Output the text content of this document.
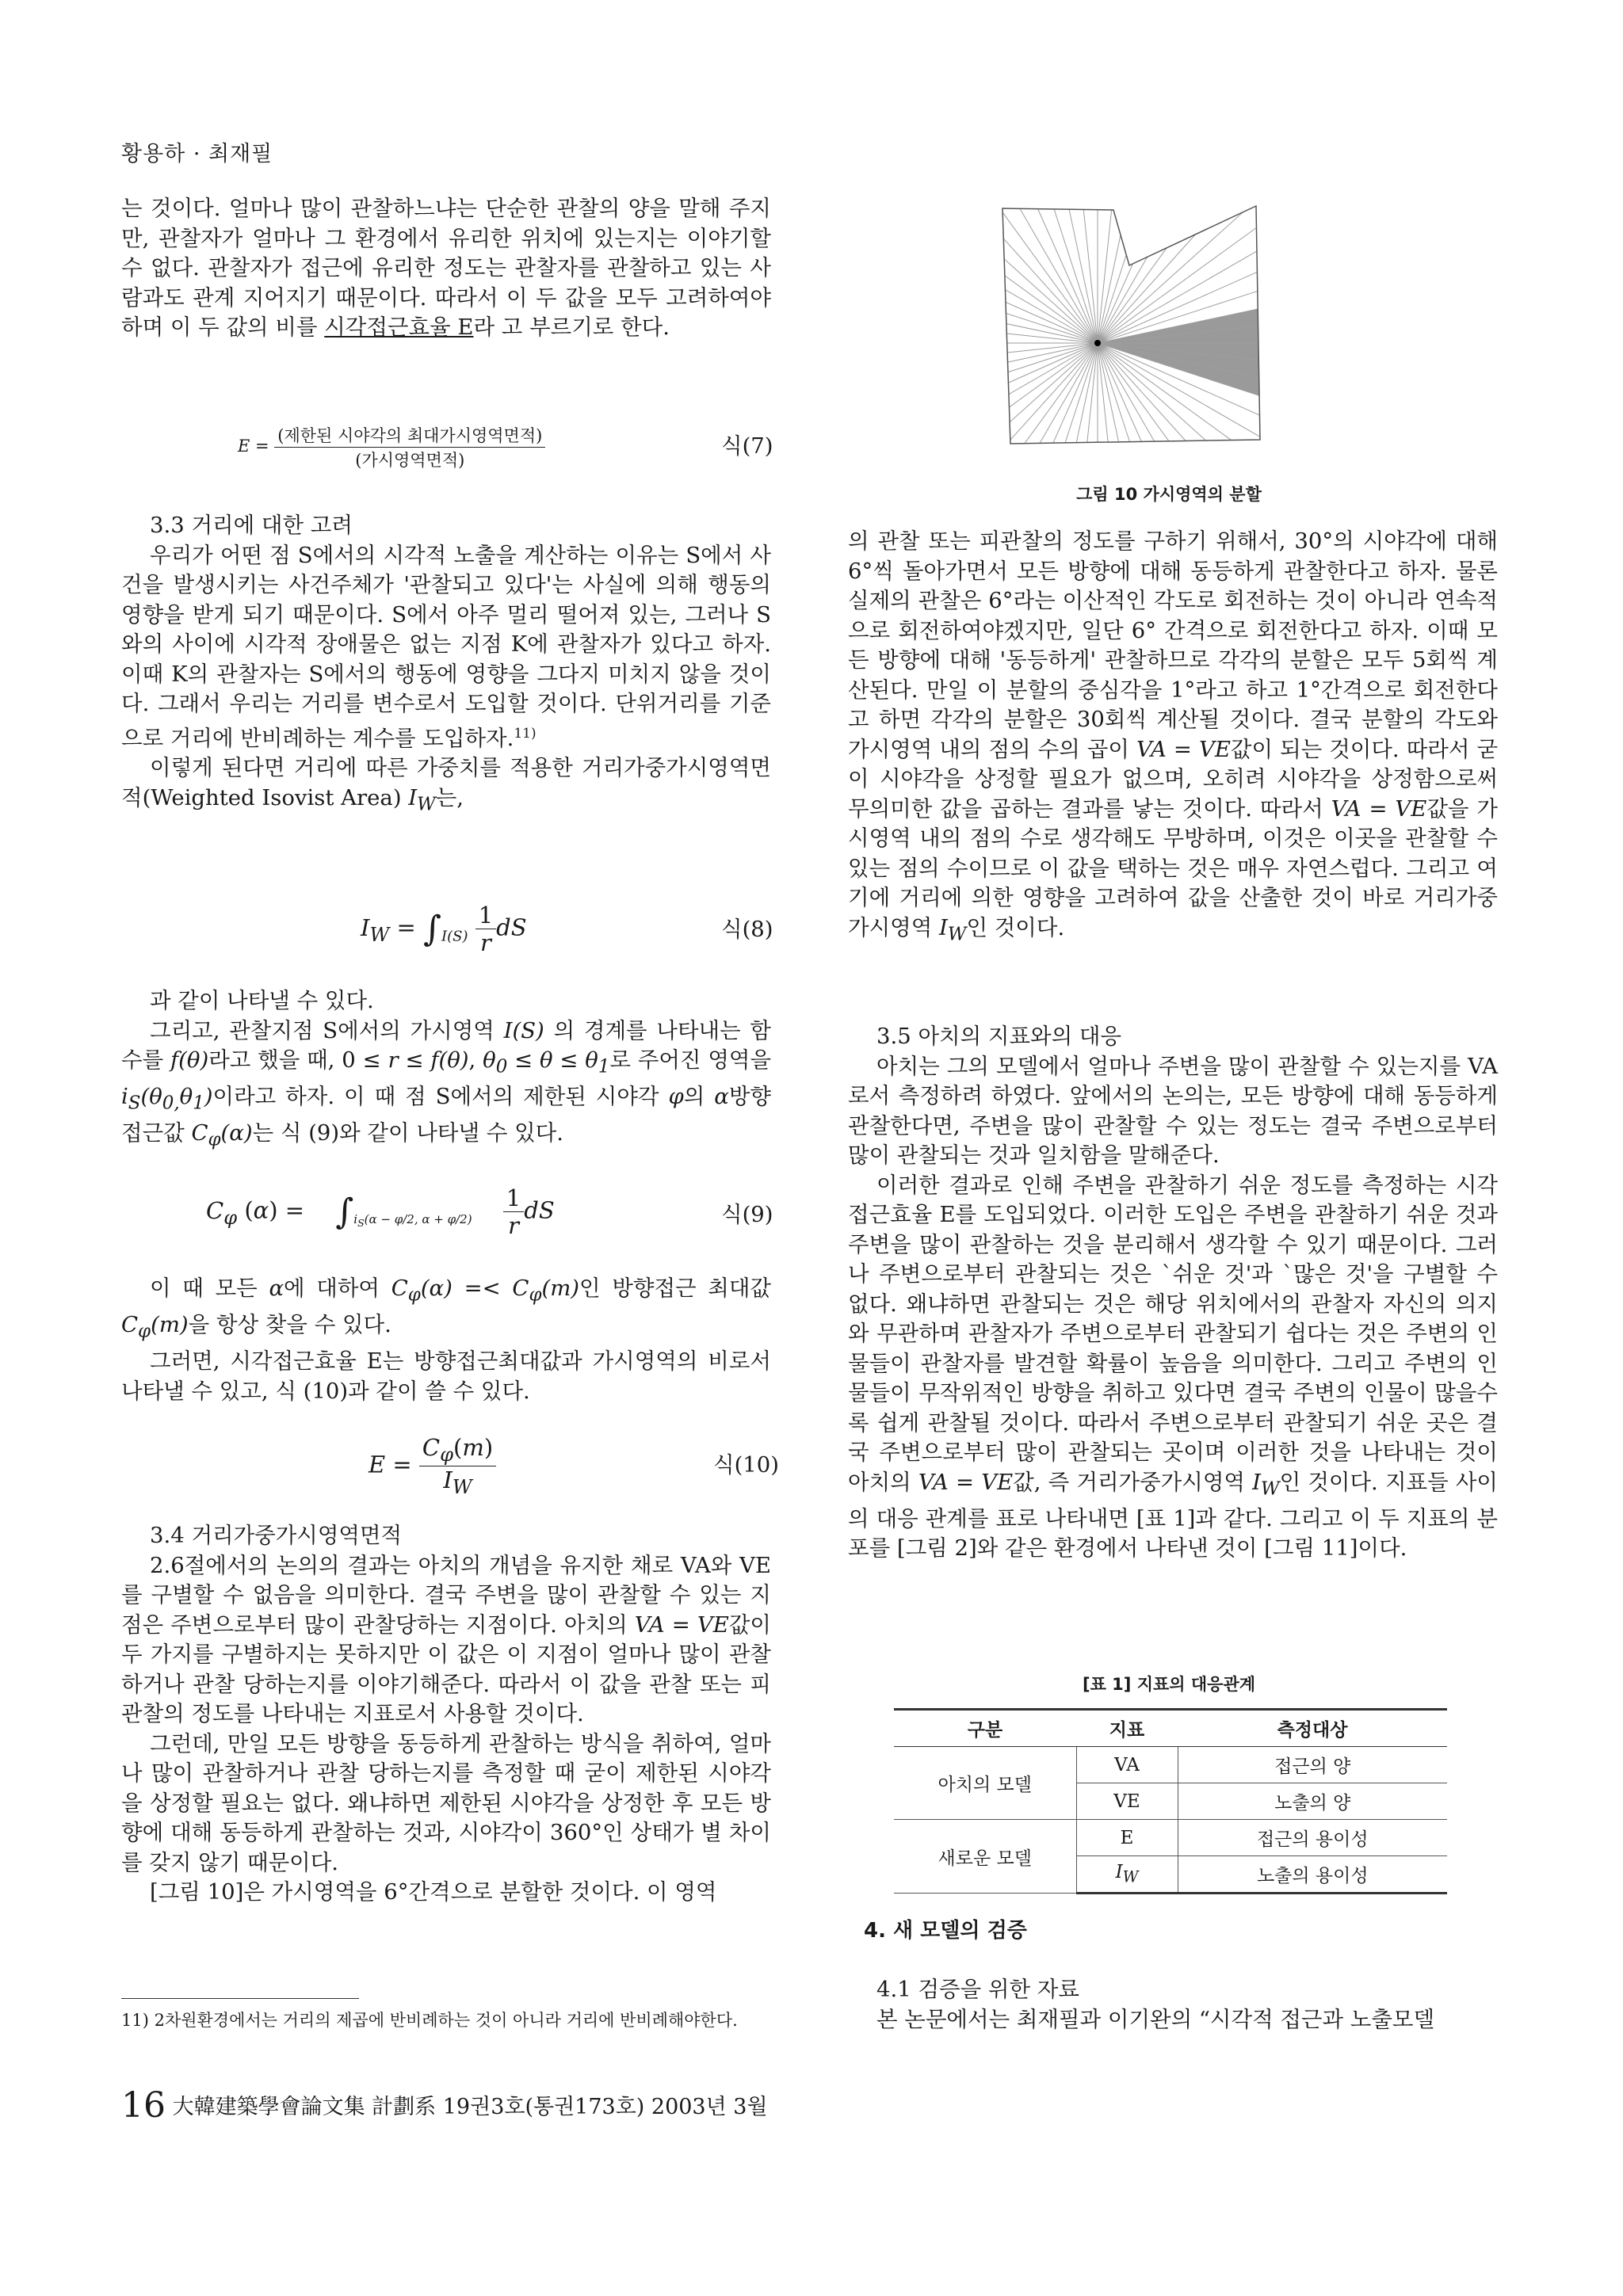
황용하 · 최재필

는 것이다. 얼마나 많이 관찰하느냐는 단순한 관찰의 양을 말해 주지만, 관찰자가 얼마나 그 환경에서 유리한 위치에 있는지는 이야기할 수 없다. 관찰자가 접근에 유리한 정도는 관찰자를 관찰하고 있는 사람과도 관계 지어지기 때문이다. 따라서 이 두 값을 모두 고려하여야 하며 이 두 값의 비를 시각접근효율 E라 고 부르기로 한다.

$E = \frac{\text{(제한된 시야각의 최대가시영역면적)}}{\text{(가시영역면적)}}$	식(7)

3.3 거리에 대한 고려

우리가 어떤 점 S에서의 시각적 노출을 계산하는 이유는 S에서 사건을 발생시키는 사건주체가 '관찰되고 있다'는 사실에 의해 행동의 영향을 받게 되기 때문이다. S에서 아주 멀리 떨어져 있는, 그러나 S와의 사이에 시각적 장애물은 없는 지점 K에 관찰자가 있다고 하자. 이때 K의 관찰자는 S에서의 행동에 영향을 그다지 미치지 않을 것이다. 그래서 우리는 거리를 변수로서 도입할 것이다. 단위거리를 기준으로 거리에 반비례하는 계수를 도입하자.$^{11)}$

이렇게 된다면 거리에 따른 가중치를 적용한 거리가중가시영역면적(Weighted Isovist Area) $I_W$는,

$I_W = \int_{I(S)} \frac{1}{r}$ dS	식(8)

과 같이 나타낼 수 있다.

그리고, 관찰지점 S에서의 가시영역 I(S) 의 경계를 나타내는 함수를 f(θ)라고 했을 때, 0 ≤ r ≤ f(θ), $\theta_0 \le \theta \le \theta_1$로 주어진 영역을 $i_S(\theta_{0,}\theta_1)$이라고 하자. 이 때 점 S에서의 제한된 시야각 φ의 α방향 접근값 $C_\varphi(\alpha)$는 식 (9)와 같이 나타낼 수 있다.

$C_\varphi$ $(\alpha) = \int_{i_S(\alpha - \varphi/2, \alpha + \varphi/2)} \frac{1}{r}$ dS	식(9)

이 때 모든 α에 대하여 $C_\varphi(\alpha) =< C_\varphi(m)$인 방향접근 최대값 $C_\varphi(m)$을 항상 찾을 수 있다.

그러면, 시각접근효율 E는 방향접근최대값과 가시영역의 비로서 나타낼 수 있고, 식 (10)과 같이 쓸 수 있다.

$E = \frac{C_\varphi(m)}{I_W}$	식(10)

3.4 거리가중가시영역면적

2.6절에서의 논의의 결과는 아치의 개념을 유지한 채로 VA와 VE를 구별할 수 없음을 의미한다. 결국 주변을 많이 관찰할 수 있는 지점은 주변으로부터 많이 관찰당하는 지점이다. 아치의 VA = VE값이 두 가지를 구별하지는 못하지만 이 값은 이 지점이 얼마나 많이 관찰하거나 관찰 당하는지를 이야기해준다. 따라서 이 값을 관찰 또는 피관찰의 정도를 나타내는 지표로서 사용할 것이다.

그런데, 만일 모든 방향을 동등하게 관찰하는 방식을 취하여, 얼마나 많이 관찰하거나 관찰 당하는지를 측정할 때 굳이 제한된 시야각을 상정할 필요는 없다. 왜냐하면 제한된 시야각을 상정한 후 모든 방향에 대해 동등하게 관찰하는 것과, 시야각이 360°인 상태가 별 차이를 갖지 않기 때문이다.

[그림 10]은 가시영역을 6°간격으로 분할한 것이다. 이 영역

11) 2차원환경에서는 거리의 제곱에 반비례하는 것이 아니라 거리에 반비례해야한다.
16 大韓建築學會論文集 計劃系 19권3호(통권173호) 2003년 3월
그림 10 가시영역의 분할

의 관찰 또는 피관찰의 정도를 구하기 위해서, 30°의 시야각에 대해 6°씩 돌아가면서 모든 방향에 대해 동등하게 관찰한다고 하자. 물론 실제의 관찰은 6°라는 이산적인 각도로 회전하는 것이 아니라 연속적으로 회전하여야겠지만, 일단 6° 간격으로 회전한다고 하자. 이때 모든 방향에 대해 '동등하게' 관찰하므로 각각의 분할은 모두 5회씩 계산된다. 만일 이 분할의 중심각을 1°라고 하고 1°간격으로 회전한다고 하면 각각의 분할은 30회씩 계산될 것이다. 결국 분할의 각도와 가시영역 내의 점의 수의 곱이 VA = VE값이 되는 것이다. 따라서 굳이 시야각을 상정할 필요가 없으며, 오히려 시야각을 상정함으로써 무의미한 값을 곱하는 결과를 낳는 것이다. 따라서 VA = VE값을 가시영역 내의 점의 수로 생각해도 무방하며, 이것은 이곳을 관찰할 수 있는 점의 수이므로 이 값을 택하는 것은 매우 자연스럽다. 그리고 여기에 거리에 의한 영향을 고려하여 값을 산출한 것이 바로 거리가중가시영역 $I_W$인 것이다.

3.5 아치의 지표와의 대응

아치는 그의 모델에서 얼마나 주변을 많이 관찰할 수 있는지를 VA로서 측정하려 하였다. 앞에서의 논의는, 모든 방향에 대해 동등하게 관찰한다면, 주변을 많이 관찰할 수 있는 정도는 결국 주변으로부터 많이 관찰되는 것과 일치함을 말해준다.

이러한 결과로 인해 주변을 관찰하기 쉬운 정도를 측정하는 시각접근효율 E를 도입되었다. 이러한 도입은 주변을 관찰하기 쉬운 것과 주변을 많이 관찰하는 것을 분리해서 생각할 수 있기 때문이다. 그러나 주변으로부터 관찰되는 것은 `쉬운 것'과 `많은 것'을 구별할 수 없다. 왜냐하면 관찰되는 것은 해당 위치에서의 관찰자 자신의 의지와 무관하며 관찰자가 주변으로부터 관찰되기 쉽다는 것은 주변의 인물들이 관찰자를 발견할 확률이 높음을 의미한다. 그리고 주변의 인물들이 무작위적인 방향을 취하고 있다면 결국 주변의 인물이 많을수록 쉽게 관찰될 것이다. 따라서 주변으로부터 관찰되기 쉬운 곳은 결국 주변으로부터 많이 관찰되는 곳이며 이러한 것을 나타내는 것이 아치의 VA = VE값, 즉 거리가중가시영역 $I_W$인 것이다. 지표들 사이의 대응 관계를 표로 나타내면 [표 1]과 같다. 그리고 이 두 지표의 분포를 [그림 2]와 같은 환경에서 나타낸 것이 [그림 11]이다.

[표 1] 지표의 대응관계
구분	지표	측정대상
아치의 모델	VA	접근의 양
	VE	노출의 양
새로운 모델	E	접근의 용이성
	$I_W$	노출의 용이성
4. 새 모델의 검증

4.1 검증을 위한 자료

본 논문에서는 최재필과 이기완의 “시각적 접근과 노출모델
